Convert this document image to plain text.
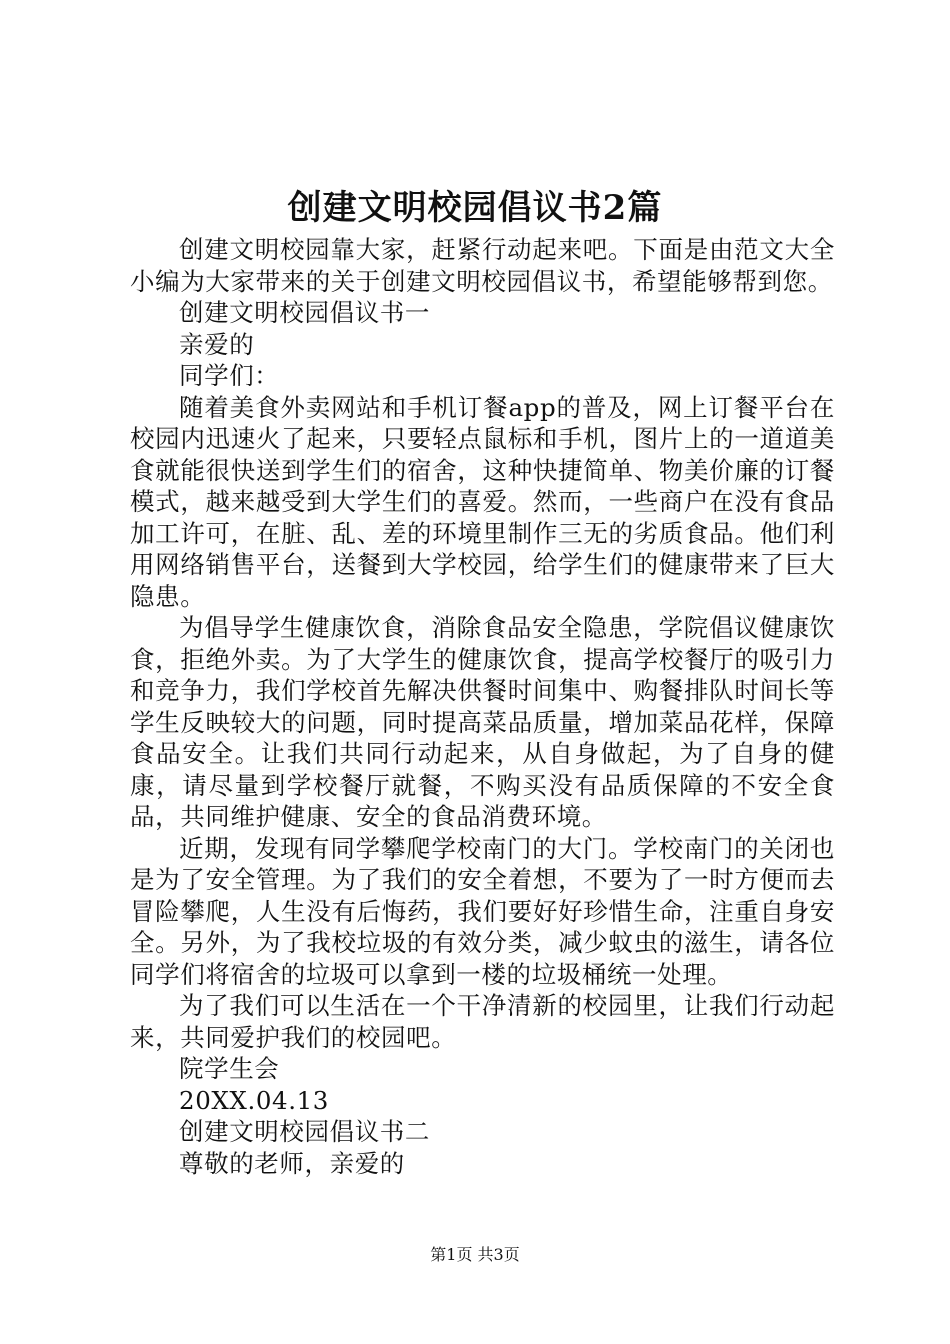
创建文明校园倡议书2篇

创建文明校园靠大家，赶紧行动起来吧。下面是由范文大全小编为大家带来的关于创建文明校园倡议书，希望能够帮到您。

创建文明校园倡议书一

亲爱的

同学们：

随着美食外卖网站和手机订餐app的普及，网上订餐平台在校园内迅速火了起来，只要轻点鼠标和手机，图片上的一道道美食就能很快送到学生们的宿舍，这种快捷简单、物美价廉的订餐模式，越来越受到大学生们的喜爱。然而，一些商户在没有食品加工许可，在脏、乱、差的环境里制作三无的劣质食品。他们利用网络销售平台，送餐到大学校园，给学生们的健康带来了巨大隐患。

为倡导学生健康饮食，消除食品安全隐患，学院倡议健康饮食，拒绝外卖。为了大学生的健康饮食，提高学校餐厅的吸引力和竞争力，我们学校首先解决供餐时间集中、购餐排队时间长等学生反映较大的问题，同时提高菜品质量，增加菜品花样，保障食品安全。让我们共同行动起来，从自身做起，为了自身的健康，请尽量到学校餐厅就餐，不购买没有品质保障的不安全食品，共同维护健康、安全的食品消费环境。

近期，发现有同学攀爬学校南门的大门。学校南门的关闭也是为了安全管理。为了我们的安全着想，不要为了一时方便而去冒险攀爬，人生没有后悔药，我们要好好珍惜生命，注重自身安全。另外，为了我校垃圾的有效分类，减少蚊虫的滋生，请各位同学们将宿舍的垃圾可以拿到一楼的垃圾桶统一处理。

为了我们可以生活在一个干净清新的校园里，让我们行动起来，共同爱护我们的校园吧。

院学生会

20XX.04.13

创建文明校园倡议书二

尊敬的老师，亲爱的

第1页 共3页
